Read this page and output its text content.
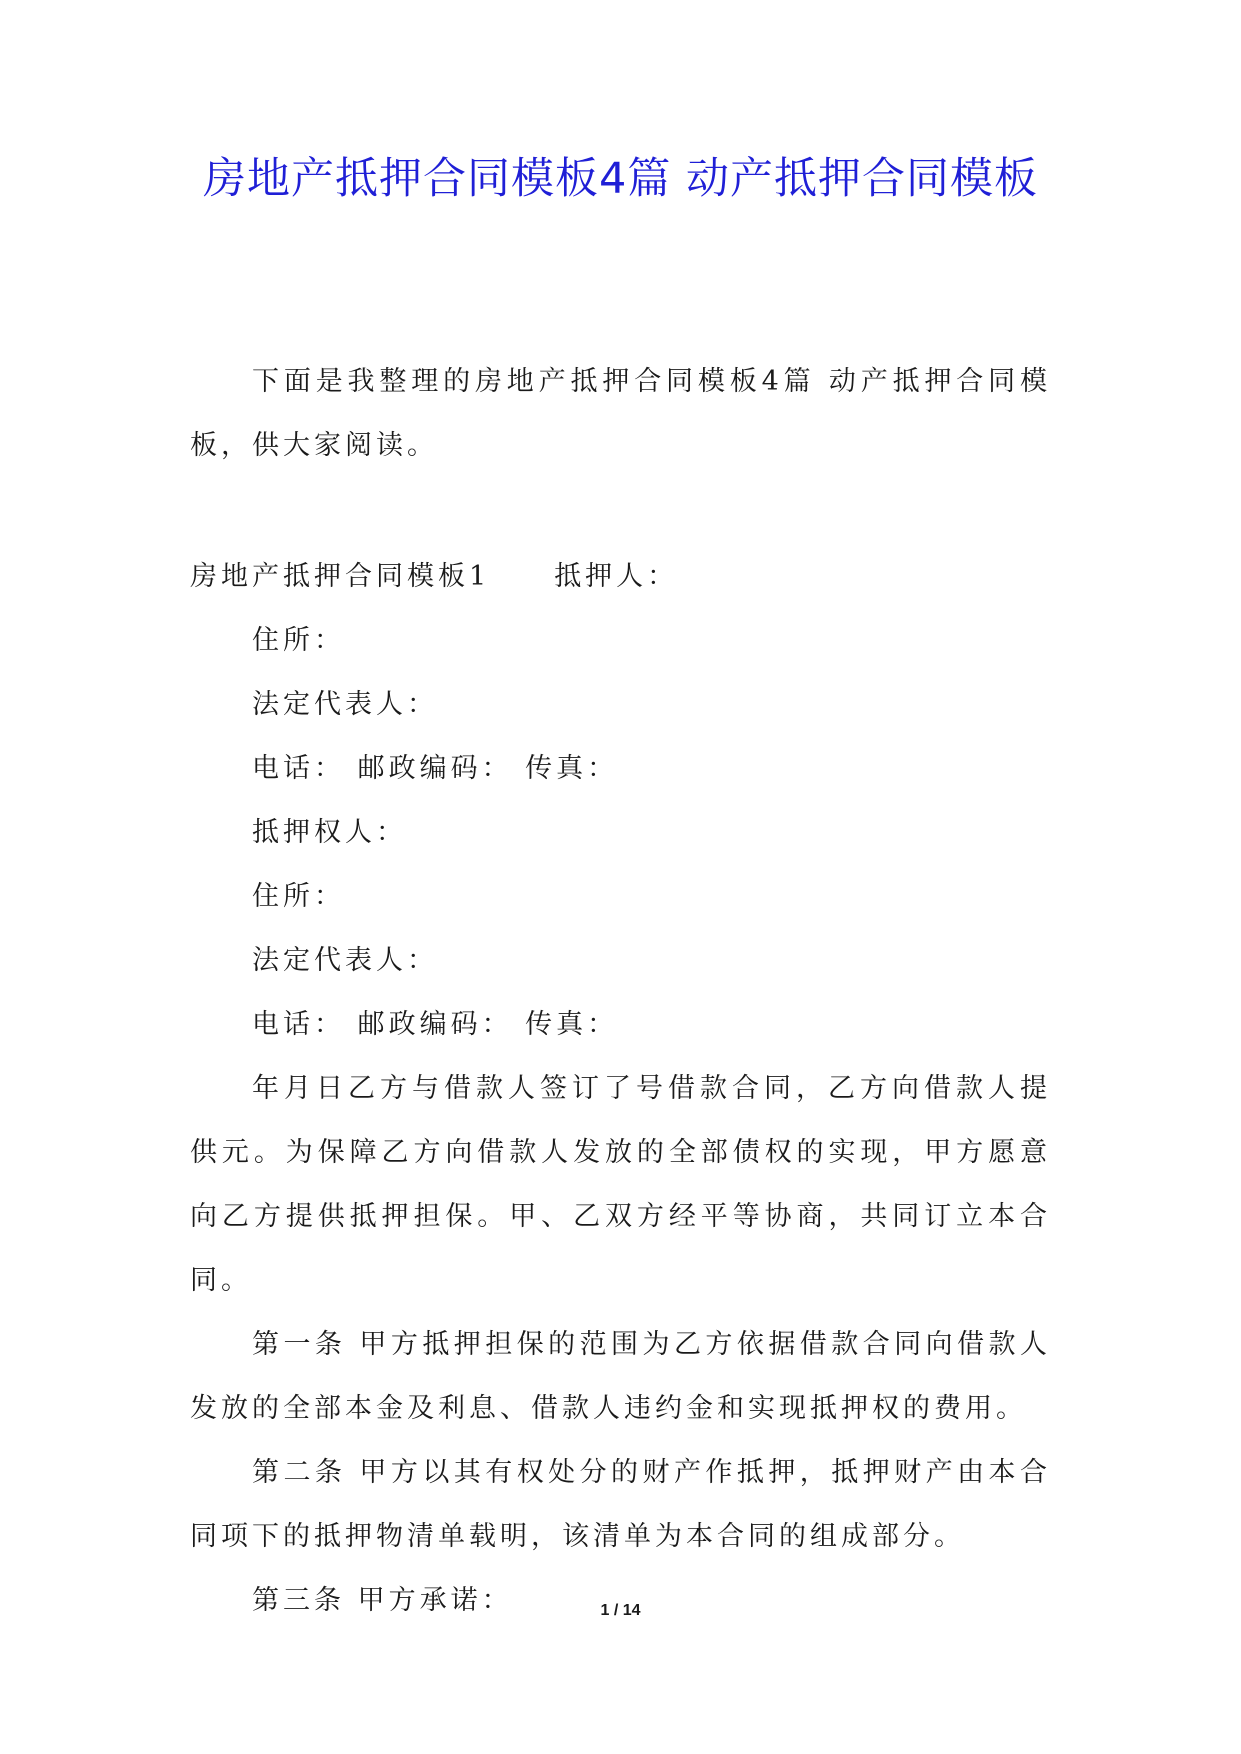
房地产抵押合同模板4篇 动产抵押合同模板

下面是我整理的房地产抵押合同模板4篇 动产抵押合同模板，供大家阅读。

房地产抵押合同模板1 抵押人：

住所：

法定代表人：

电话： 邮政编码： 传真：

抵押权人：

住所：

法定代表人：

电话： 邮政编码： 传真：

年月日乙方与借款人签订了号借款合同，乙方向借款人提供元。为保障乙方向借款人发放的全部债权的实现，甲方愿意向乙方提供抵押担保。甲、乙双方经平等协商，共同订立本合同。

第一条 甲方抵押担保的范围为乙方依据借款合同向借款人发放的全部本金及利息、借款人违约金和实现抵押权的费用。

第二条 甲方以其有权处分的财产作抵押，抵押财产由本合同项下的抵押物清单载明，该清单为本合同的组成部分。

第三条 甲方承诺：	1 / 14
